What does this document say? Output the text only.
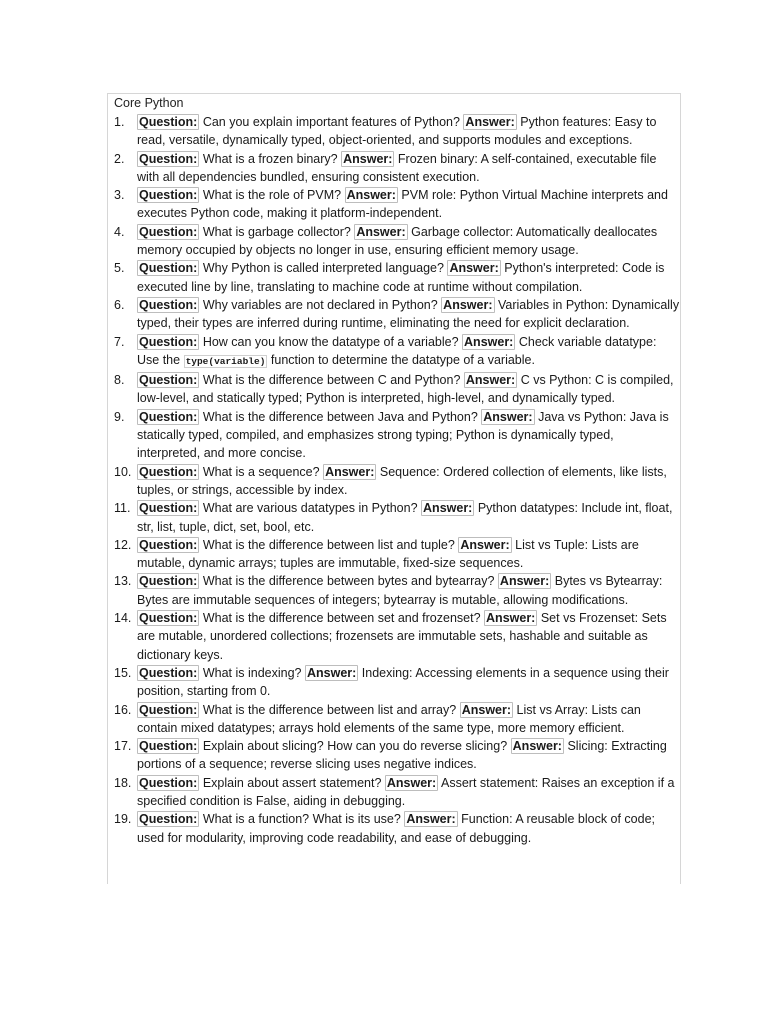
Core Python
1.	Question: Can you explain important features of Python? Answer: Python features: Easy to read, versatile, dynamically typed, object-oriented, and supports modules and exceptions.
2.	Question: What is a frozen binary? Answer: Frozen binary: A self-contained, executable file with all dependencies bundled, ensuring consistent execution.
3.	Question: What is the role of PVM? Answer: PVM role: Python Virtual Machine interprets and executes Python code, making it platform-independent.
4.	Question: What is garbage collector? Answer: Garbage collector: Automatically deallocates memory occupied by objects no longer in use, ensuring efficient memory usage.
5.	Question: Why Python is called interpreted language? Answer: Python's interpreted: Code is executed line by line, translating to machine code at runtime without compilation.
6.	Question: Why variables are not declared in Python? Answer: Variables in Python: Dynamically typed, their types are inferred during runtime, eliminating the need for explicit declaration.
7.	Question: How can you know the datatype of a variable? Answer: Check variable datatype: Use the type(variable) function to determine the datatype of a variable.
8.	Question: What is the difference between C and Python? Answer: C vs Python: C is compiled, low-level, and statically typed; Python is interpreted, high-level, and dynamically typed.
9.	Question: What is the difference between Java and Python? Answer: Java vs Python: Java is statically typed, compiled, and emphasizes strong typing; Python is dynamically typed, interpreted, and more concise.
10. Question: What is a sequence? Answer: Sequence: Ordered collection of elements, like lists, tuples, or strings, accessible by index.
11. Question: What are various datatypes in Python? Answer: Python datatypes: Include int, float, str, list, tuple, dict, set, bool, etc.
12. Question: What is the difference between list and tuple? Answer: List vs Tuple: Lists are mutable, dynamic arrays; tuples are immutable, fixed-size sequences.
13. Question: What is the difference between bytes and bytearray? Answer: Bytes vs Bytearray: Bytes are immutable sequences of integers; bytearray is mutable, allowing modifications.
14. Question: What is the difference between set and frozenset? Answer: Set vs Frozenset: Sets are mutable, unordered collections; frozensets are immutable sets, hashable and suitable as dictionary keys.
15. Question: What is indexing? Answer: Indexing: Accessing elements in a sequence using their position, starting from 0.
16. Question: What is the difference between list and array? Answer: List vs Array: Lists can contain mixed datatypes; arrays hold elements of the same type, more memory efficient.
17. Question: Explain about slicing? How can you do reverse slicing? Answer: Slicing: Extracting portions of a sequence; reverse slicing uses negative indices.
18. Question: Explain about assert statement? Answer: Assert statement: Raises an exception if a specified condition is False, aiding in debugging.
19. Question: What is a function? What is its use? Answer: Function: A reusable block of code; used for modularity, improving code readability, and ease of debugging.
